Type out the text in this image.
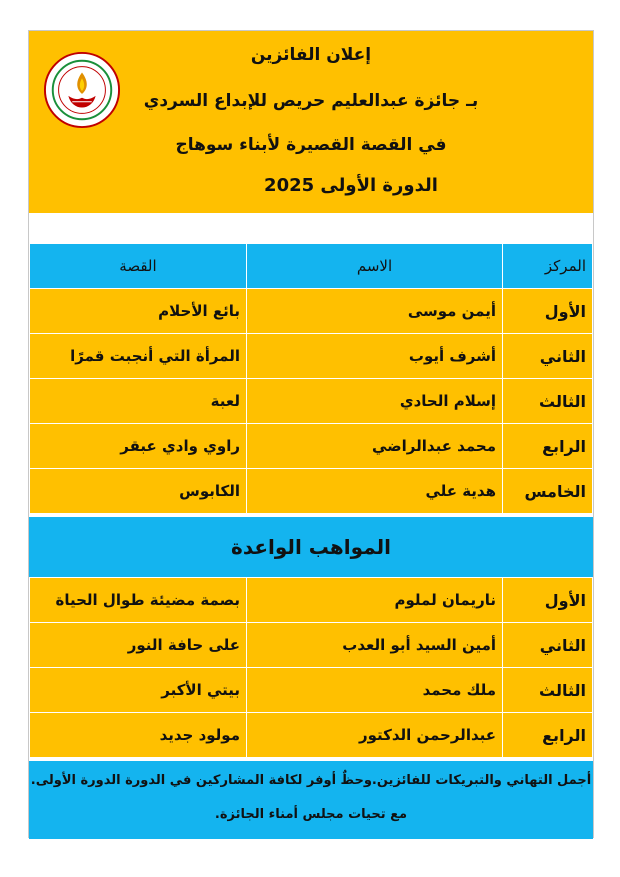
إعلان الفائزين
بـ جائزة عبدالعليم حريص للإبداع السردي
في القصة القصيرة لأبناء سوهاج
الدورة الأولى 2025
المركز	الاسم	القصة
الأول	أيمن موسى	بائع الأحلام
الثاني	أشرف أيوب	المرأة التي أنجبت قمرًا
الثالث	إسلام الحادي	لعبة
الرابع	محمد عبدالراضي	راوي وادي عبقر
الخامس	هدية علي	الكابوس
المواهب الواعدة
الأول	ناريمان لملوم	بصمة مضيئة طوال الحياة
الثاني	أمين السيد أبو العدب	على حافة النور
الثالث	ملك محمد	بيتي الأكبر
الرابع	عبدالرحمن الدكتور	مولود جديد
أجمل التهاني والتبريكات للفائزين.وحظٌ أوفر لكافة المشاركين في الدورة الدورة الأولى.
مع تحيات مجلس أمناء الجائزة.
